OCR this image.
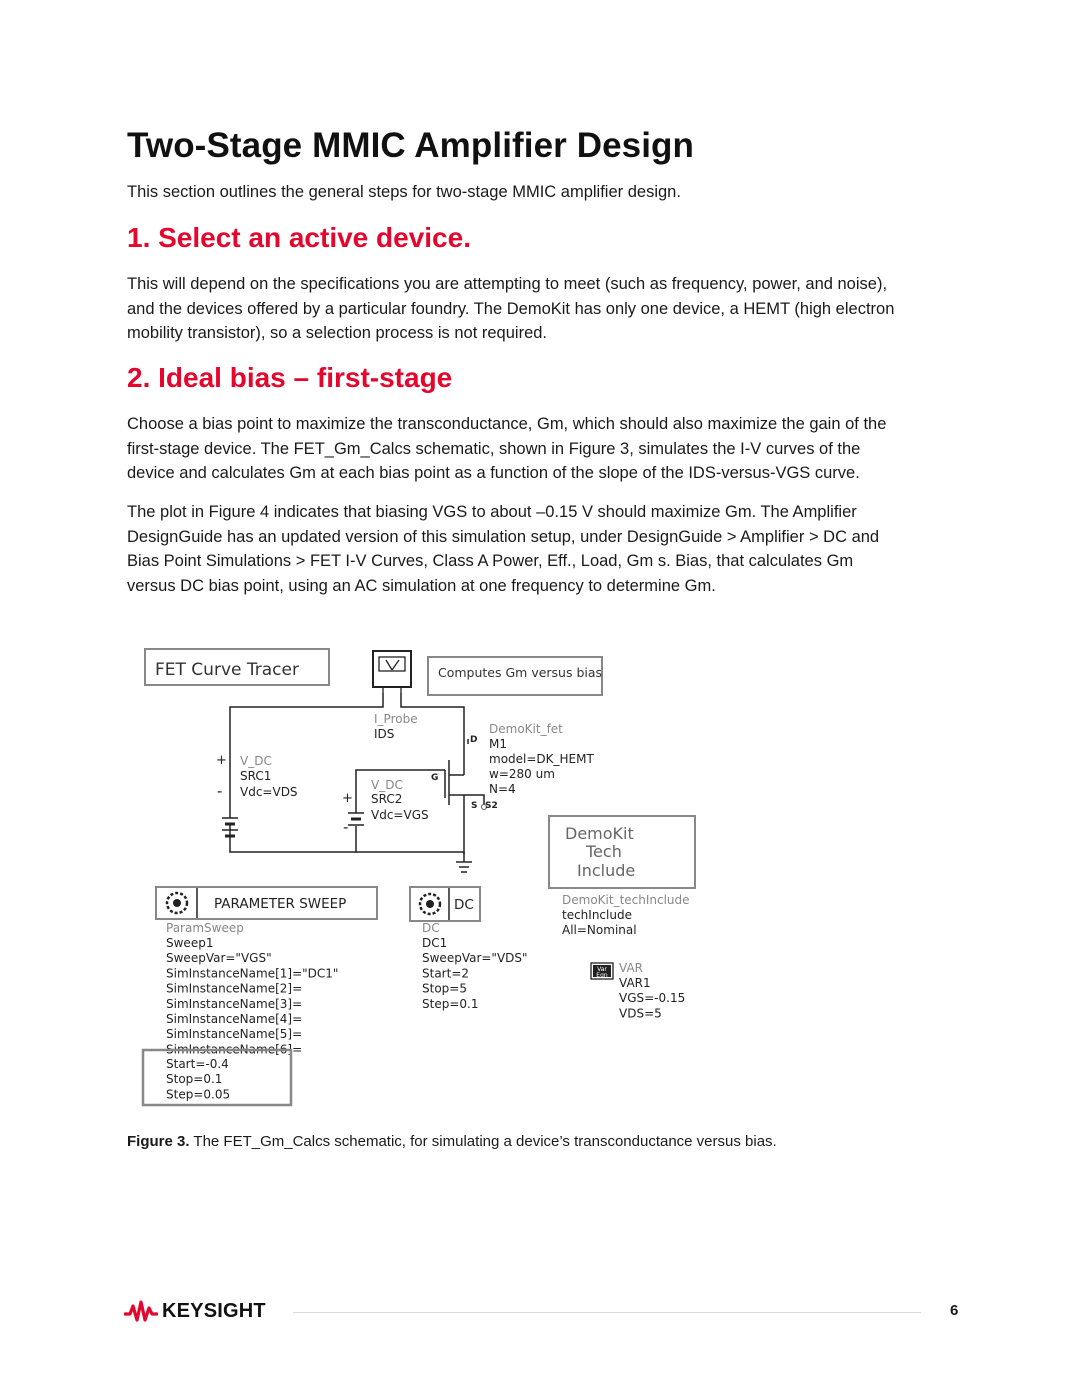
Two-Stage MMIC Amplifier Design

This section outlines the general steps for two-stage MMIC amplifier design.

1. Select an active device.

This will depend on the specifications you are attempting to meet (such as frequency, power, and noise),
and the devices offered by a particular foundry. The DemoKit has only one device, a HEMT (high electron
mobility transistor), so a selection process is not required.

2. Ideal bias – first-stage

Choose a bias point to maximize the transconductance, Gm, which should also maximize the gain of the
first-stage device. The FET_Gm_Calcs schematic, shown in Figure 3, simulates the I-V curves of the
device and calculates Gm at each bias point as a function of the slope of the IDS-versus-VGS curve.

The plot in Figure 4 indicates that biasing VGS to about –0.15 V should maximize Gm. The Amplifier
DesignGuide has an updated version of this simulation setup, under DesignGuide > Amplifier > DC and
Bias Point Simulations > FET I-V Curves, Class A Power, Eff., Load, Gm s. Bias, that calculates Gm
versus DC bias point, using an AC simulation at one frequency to determine Gm.

FET Curve Tracer	Computes Gm versus bias
+
-
V_DC
SRC1
Vdc=VDS	+
-
V_DC
SRC2
Vdc=VGS
I_Probe
IDS	D
G
S S2
DemoKit_fet
M1
model=DK_HEMT
w=280 um
N=4
DemoKit
Tech
Include
DemoKit_techInclude
techInclude
All=Nominal
PARAMETER SWEEP
ParamSweep
Sweep1
SweepVar="VGS"
SimInstanceName[1]="DC1"
SimInstanceName[2]=
SimInstanceName[3]=
SimInstanceName[4]=
SimInstanceName[5]=
SimInstanceName[6]=
Start=-0.4
Stop=0.1
Step=0.05
DC
DC
DC1
SweepVar="VDS"
Start=2
Stop=5
Step=0.1
Var
Eqn
VAR
VAR1
VGS=-0.15
VDS=5

Figure 3. The FET_Gm_Calcs schematic, for simulating a device’s transconductance versus bias.

KEYSIGHT	6
